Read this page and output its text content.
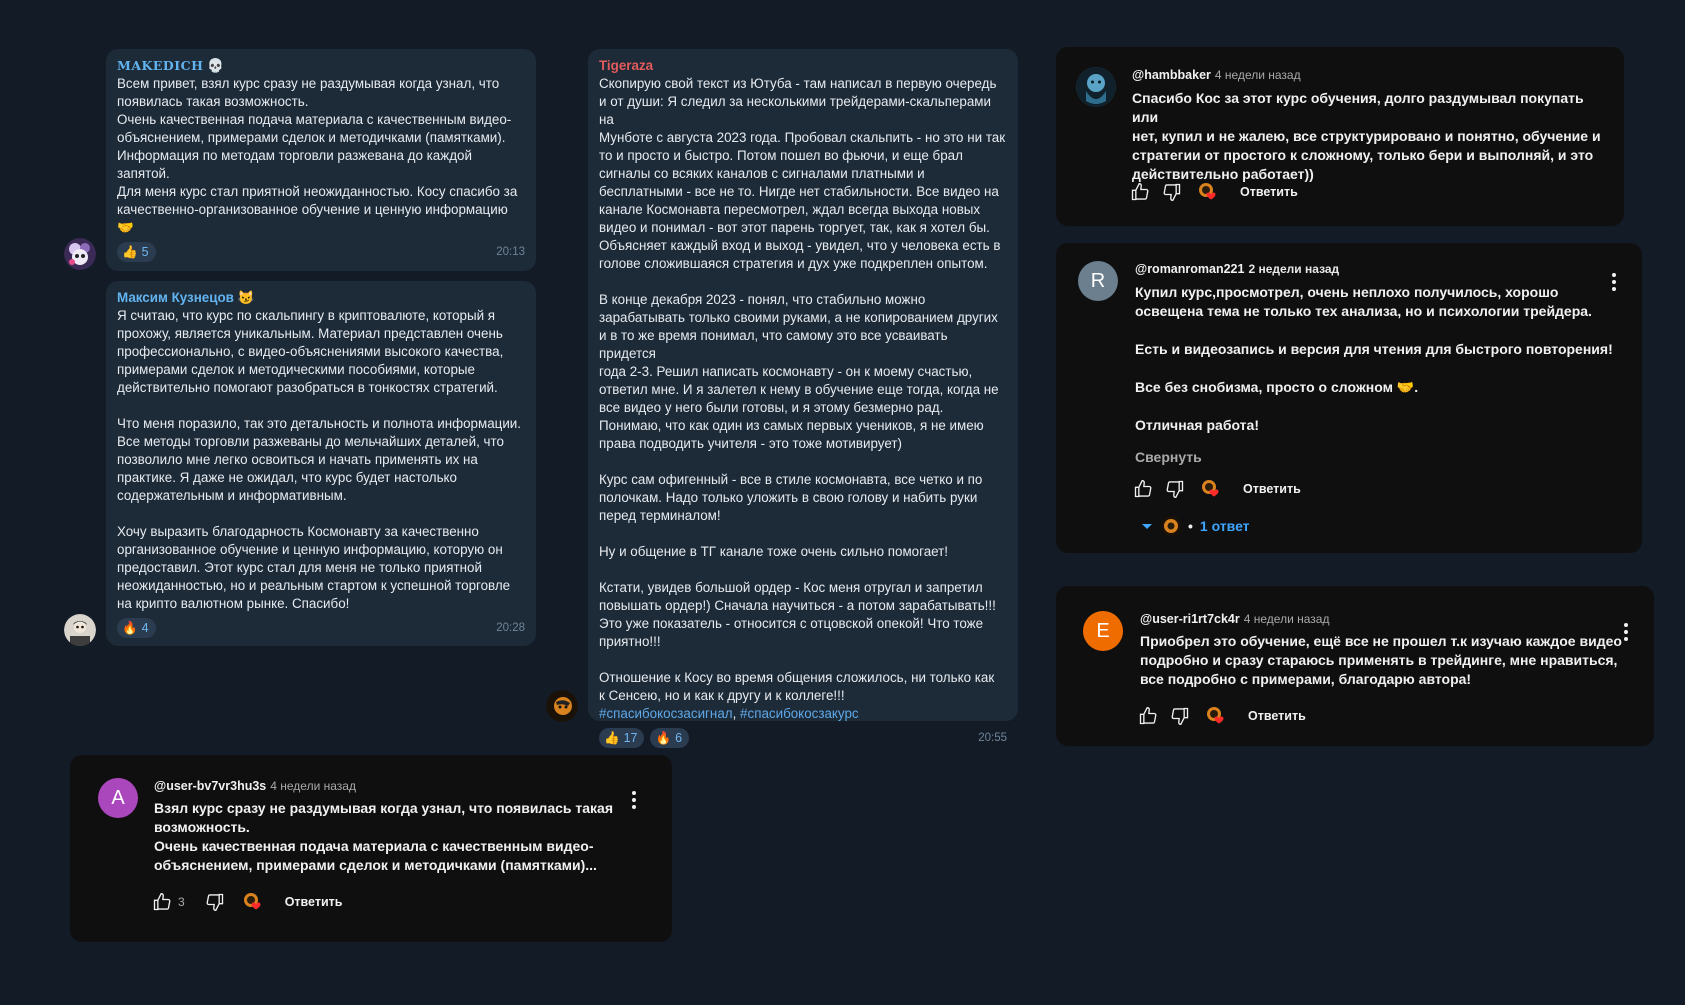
MAKEDICH 💀
Всем привет, взял курс сразу не раздумывая когда узнал, что
появилась такая возможность.
Очень качественная подача материала с качественным видео-
объяснением, примерами сделок и методичками (памятками).
Информация по методам торговли разжевана до каждой
запятой.
Для меня курс стал приятной неожиданностью. Косу спасибо за
качественно-организованное обучение и ценную информацию
🤝
👍 5	20:13
Максим Кузнецов 😼
Я считаю, что курс по скальпингу в криптовалюте, который я
прохожу, является уникальным. Материал представлен очень
профессионально, с видео-объяснениями высокого качества,
примерами сделок и методическими пособиями, которые
действительно помогают разобраться в тонкостях стратегий.

Что меня поразило, так это детальность и полнота информации.
Все методы торговли разжеваны до мельчайших деталей, что
позволило мне легко освоиться и начать применять их на
практике. Я даже не ожидал, что курс будет настолько
содержательным и информативным.

Хочу выразить благодарность Космонавту за качественно
организованное обучение и ценную информацию, которую он
предоставил. Этот курс стал для меня не только приятной
неожиданностью, но и реальным стартом к успешной торговле
на крипто валютном рынке. Спасибо!
🔥 4	20:28
Tigeraza
Скопирую свой текст из Ютуба - там написал в первую очередь
и от души: Я следил за несколькими трейдерами-скальперами на
Мунботе с августа 2023 года. Пробовал скальпить - но это ни так
то и просто и быстро. Потом пошел во фьючи, и еще брал
сигналы со всяких каналов с сигналами платными и
бесплатными - все не то. Нигде нет стабильности. Все видео на
канале Космонавта пересмотрел, ждал всегда выхода новых
видео и понимал - вот этот парень торгует, так, как я хотел бы.
Объясняет каждый вход и выход - увидел, что у человека есть в
голове сложившаяся стратегия и дух уже подкреплен опытом.

В конце декабря 2023 - понял, что стабильно можно
зарабатывать только своими руками, а не копированием других
и в то же время понимал, что самому это все усваивать придется
года 2-3. Решил написать космонавту - он к моему счастью,
ответил мне. И я залетел к нему в обучение еще тогда, когда не
все видео у него были готовы, и я этому безмерно рад.
Понимаю, что как один из самых первых учеников, я не имею
права подводить учителя - это тоже мотивирует)

Курс сам офигенный - все в стиле космонавта, все четко и по
полочкам. Надо только уложить в свою голову и набить руки
перед терминалом!

Ну и общение в ТГ канале тоже очень сильно помогает!

Кстати, увидев большой ордер - Кос меня отругал и запретил
повышать ордер!) Сначала научиться - а потом зарабатывать!!!
Это уже показатель - относится с отцовской опекой! Что тоже
приятно!!!

Отношение к Косу во время общения сложилось, ни только как
к Сенсею, но и как к другу и к коллеге!!!
#спасибокосзасигнал, #спасибокосзакурс
👍 17 🔥 6	20:55
@hambbaker 4 недели назад
Спасибо Кос за этот курс обучения, долго раздумывал покупать или
нет, купил и не жалею, все структурировано и понятно, обучение и
стратегии от простого к сложному, только бери и выполняй, и это
действительно работает))
Ответить
R
@romanroman221 2 недели назад
Купил курс,просмотрел, очень неплохо получилось, хорошо
освещена тема не только тех анализа, но и психологии трейдера.

Есть и видеозапись и версия для чтения для быстрого повторения!

Все без снобизма, просто о сложном 🤝.

Отличная работа!
Свернуть
Ответить
• 1 ответ
E
@user-ri1rt7ck4r 4 недели назад
Приобрел это обучение, ещё все не прошел т.к изучаю каждое видео
подробно и сразу стараюсь применять в трейдинге, мне нравиться,
все подробно с примерами, благодарю автора!
Ответить
A
@user-bv7vr3hu3s 4 недели назад
Взял курс сразу не раздумывая когда узнал, что появилась такая
возможность.
Очень качественная подача материала с качественным видео-
объяснением, примерами сделок и методичками (памятками)...
3	Ответить
